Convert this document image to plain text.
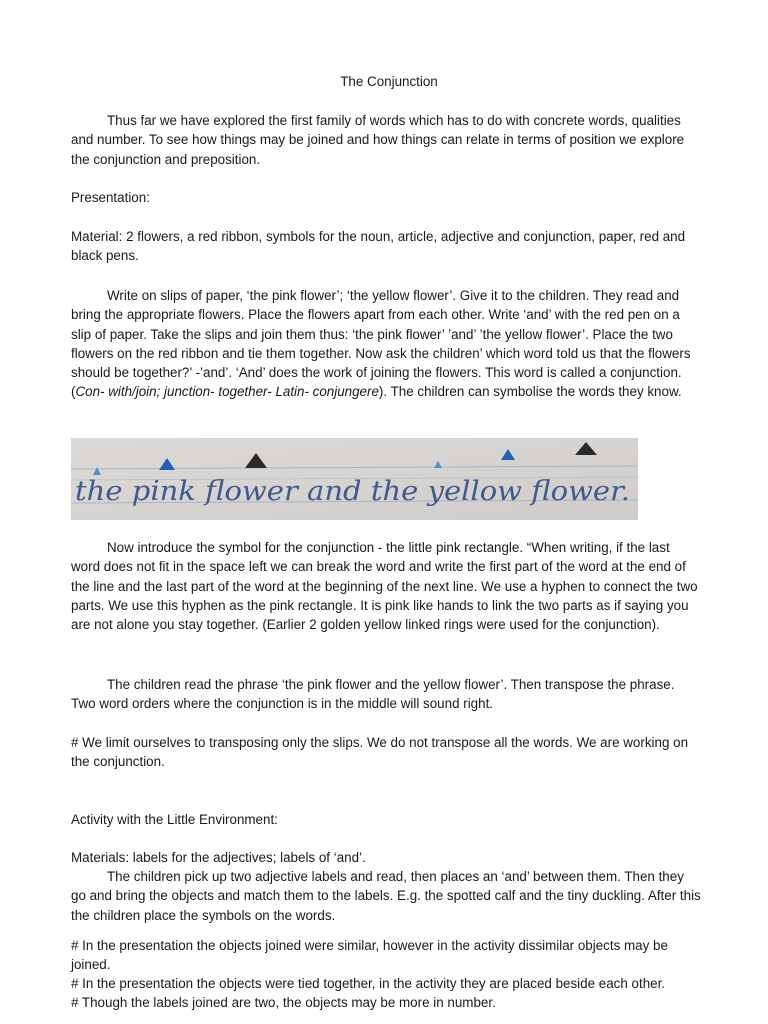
The Conjunction

Thus far we have explored the first family of words which has to do with concrete words, qualities and number. To see how things may be joined and how things can relate in terms of position we explore the conjunction and preposition.

Presentation:

Material: 2 flowers, a red ribbon, symbols for the noun, article, adjective and conjunction, paper, red and black pens.

Write on slips of paper, ‘the pink flower’; ‘the yellow flower’. Give it to the children. They read and bring the appropriate flowers. Place the flowers apart from each other. Write ‘and’ with the red pen on a slip of paper. Take the slips and join them thus: ‘the pink flower’ ’and’ ’the yellow flower’. Place the two flowers on the red ribbon and tie them together. Now ask the children’ which word told us that the flowers should be together?’ -’and’. ‘And’ does the work of joining the flowers. This word is called a conjunction. (Con- with/join; junction- together- Latin- conjungere). The children can symbolise the words they know.

the pink flower and the yellow flower.

Now introduce the symbol for the conjunction - the little pink rectangle. “When writing, if the last word does not fit in the space left we can break the word and write the first part of the word at the end of the line and the last part of the word at the beginning of the next line. We use a hyphen to connect the two parts. We use this hyphen as the pink rectangle. It is pink like hands to link the two parts as if saying you are not alone you stay together. (Earlier 2 golden yellow linked rings were used for the conjunction).

The children read the phrase ‘the pink flower and the yellow flower’. Then transpose the phrase. Two word orders where the conjunction is in the middle will sound right.

# We limit ourselves to transposing only the slips. We do not transpose all the words. We are working on the conjunction.

Activity with the Little Environment:

Materials: labels for the adjectives; labels of ‘and’.

The children pick up two adjective labels and read, then places an ‘and’ between them. Then they go and bring the objects and match them to the labels. E.g. the spotted calf and the tiny duckling. After this the children place the symbols on the words.

# In the presentation the objects joined were similar, however in the activity dissimilar objects may be joined.

# In the presentation the objects were tied together, in the activity they are placed beside each other.

# Though the labels joined are two, the objects may be more in number.
